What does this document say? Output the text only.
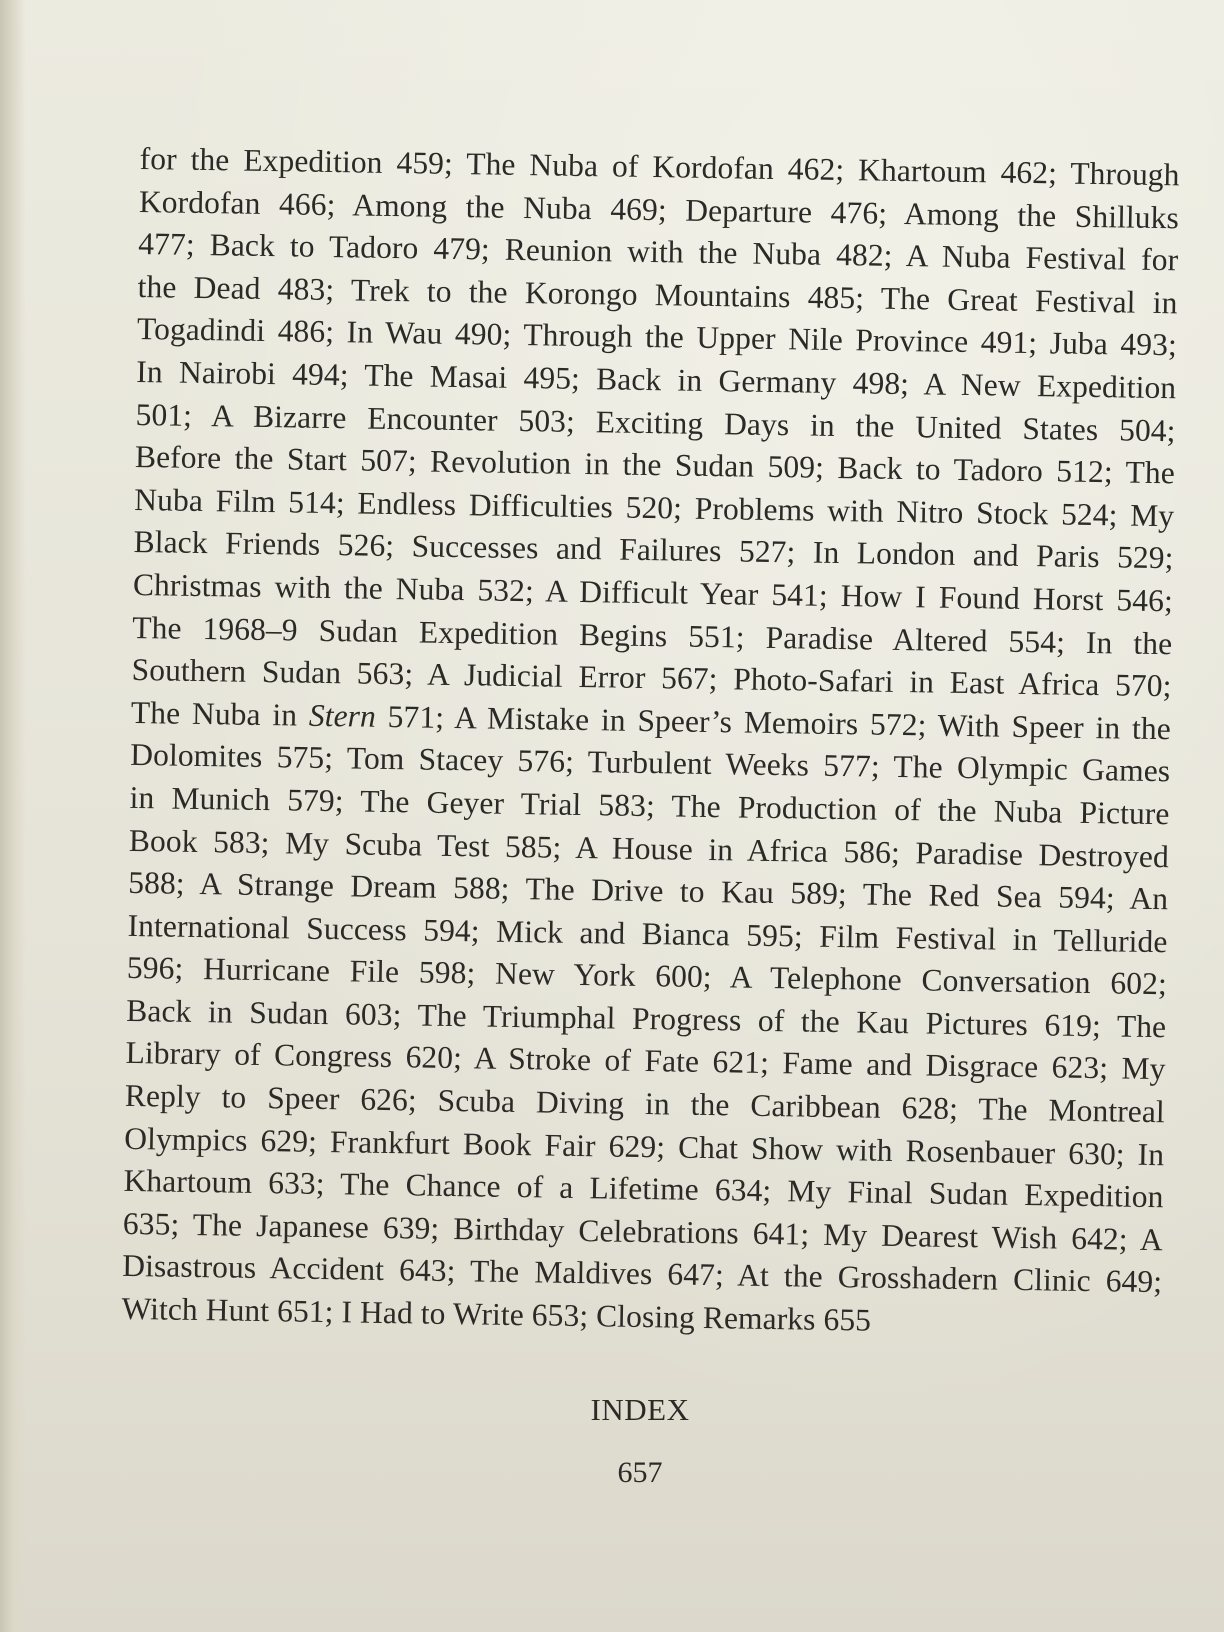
for the Expedition 459; The Nuba of Kordofan 462; Khartoum 462; Through
Kordofan 466; Among the Nuba 469; Departure 476; Among the Shilluks
477; Back to Tadoro 479; Reunion with the Nuba 482; A Nuba Festival for
the Dead 483; Trek to the Korongo Mountains 485; The Great Festival in
Togadindi 486; In Wau 490; Through the Upper Nile Province 491; Juba 493;
In Nairobi 494; The Masai 495; Back in Germany 498; A New Expedition
501; A Bizarre Encounter 503; Exciting Days in the United States 504;
Before the Start 507; Revolution in the Sudan 509; Back to Tadoro 512; The
Nuba Film 514; Endless Difficulties 520; Problems with Nitro Stock 524; My
Black Friends 526; Successes and Failures 527; In London and Paris 529;
Christmas with the Nuba 532; A Difficult Year 541; How I Found Horst 546;
The 1968–9 Sudan Expedition Begins 551; Paradise Altered 554; In the
Southern Sudan 563; A Judicial Error 567; Photo-Safari in East Africa 570;
The Nuba in Stern 571; A Mistake in Speer’s Memoirs 572; With Speer in the
Dolomites 575; Tom Stacey 576; Turbulent Weeks 577; The Olympic Games
in Munich 579; The Geyer Trial 583; The Production of the Nuba Picture
Book 583; My Scuba Test 585; A House in Africa 586; Paradise Destroyed
588; A Strange Dream 588; The Drive to Kau 589; The Red Sea 594; An
International Success 594; Mick and Bianca 595; Film Festival in Telluride
596; Hurricane File 598; New York 600; A Telephone Conversation 602;
Back in Sudan 603; The Triumphal Progress of the Kau Pictures 619; The
Library of Congress 620; A Stroke of Fate 621; Fame and Disgrace 623; My
Reply to Speer 626; Scuba Diving in the Caribbean 628; The Montreal
Olympics 629; Frankfurt Book Fair 629; Chat Show with Rosenbauer 630; In
Khartoum 633; The Chance of a Lifetime 634; My Final Sudan Expedition
635; The Japanese 639; Birthday Celebrations 641; My Dearest Wish 642; A
Disastrous Accident 643; The Maldives 647; At the Grosshadern Clinic 649;
Witch Hunt 651; I Had to Write 653; Closing Remarks 655
INDEX
657
